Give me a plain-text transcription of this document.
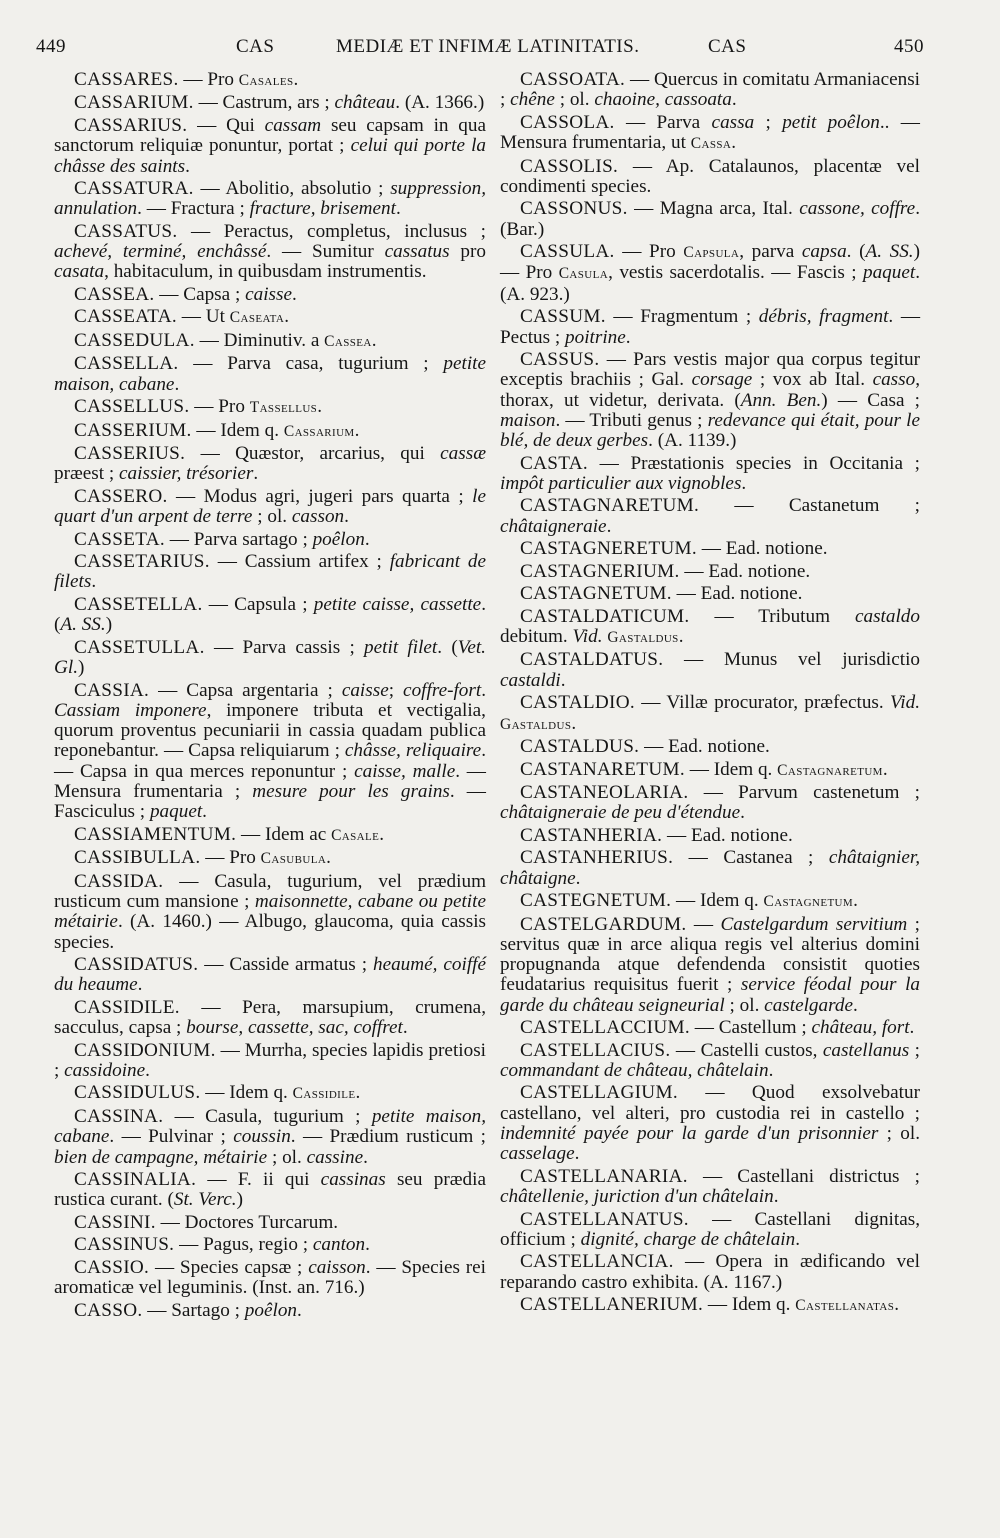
449	CAS	MEDIÆ ET INFIMÆ LATINITATIS.	CAS	450

CASSARES. — Pro Casales.

CASSARIUM. — Castrum, ars ; château. (A. 1366.)

CASSARIUS. — Qui cassam seu capsam in qua sanctorum reliquiæ ponuntur, portat ; celui qui porte la châsse des saints.

CASSATURA. — Abolitio, absolutio ; suppression, annulation. — Fractura ; fracture, brisement.

CASSATUS. — Peractus, completus, inclusus ; achevé, terminé, enchâssé. — Sumitur cassatus pro casata, habitaculum, in quibusdam instrumentis.

CASSEA. — Capsa ; caisse.

CASSEATA. — Ut Caseata.

CASSEDULA. — Diminutiv. a Cassea.

CASSELLA. — Parva casa, tugurium ; petite maison, cabane.

CASSELLUS. — Pro Tassellus.

CASSERIUM. — Idem q. Cassarium.

CASSERIUS. — Quæstor, arcarius, qui cassæ præest ; caissier, trésorier.

CASSERO. — Modus agri, jugeri pars quarta ; le quart d'un arpent de terre ; ol. casson.

CASSETA. — Parva sartago ; poêlon.

CASSETARIUS. — Cassium artifex ; fabricant de filets.

CASSETELLA. — Capsula ; petite caisse, cassette. (A. SS.)

CASSETULLA. — Parva cassis ; petit filet. (Vet. Gl.)

CASSIA. — Capsa argentaria ; caisse; coffre-fort. Cassiam imponere, imponere tributa et vectigalia, quorum proventus pecuniarii in cassia quadam publica reponebantur. — Capsa reliquiarum ; châsse, reliquaire. — Capsa in qua merces reponuntur ; caisse, malle. — Mensura frumentaria ; mesure pour les grains. — Fasciculus ; paquet.

CASSIAMENTUM. — Idem ac Casale.

CASSIBULLA. — Pro Casubula.

CASSIDA. — Casula, tugurium, vel prædium rusticum cum mansione ; maisonnette, cabane ou petite métairie. (A. 1460.) — Albugo, glaucoma, quia cassis species.

CASSIDATUS. — Casside armatus ; heaumé, coiffé du heaume.

CASSIDILE. — Pera, marsupium, crumena, sacculus, capsa ; bourse, cassette, sac, coffret.

CASSIDONIUM. — Murrha, species lapidis pretiosi ; cassidoine.

CASSIDULUS. — Idem q. Cassidile.

CASSINA. — Casula, tugurium ; petite maison, cabane. — Pulvinar ; coussin. — Prædium rusticum ; bien de campagne, métairie ; ol. cassine.

CASSINALIA. — F. ii qui cassinas seu prædia rustica curant. (St. Verc.)

CASSINI. — Doctores Turcarum.

CASSINUS. — Pagus, regio ; canton.

CASSIO. — Species capsæ ; caisson. — Species rei aromaticæ vel leguminis. (Inst. an. 716.)

CASSO. — Sartago ; poêlon.

CASSOATA. — Quercus in comitatu Armaniacensi ; chêne ; ol. chaoine, cassoata.

CASSOLA. — Parva cassa ; petit poêlon.. — Mensura frumentaria, ut Cassa.

CASSOLIS. — Ap. Catalaunos, placentæ vel condimenti species.

CASSONUS. — Magna arca, Ital. cassone, coffre. (Bar.)

CASSULA. — Pro Capsula, parva capsa. (A. SS.) — Pro Casula, vestis sacerdotalis. — Fascis ; paquet. (A. 923.)

CASSUM. — Fragmentum ; débris, fragment. — Pectus ; poitrine.

CASSUS. — Pars vestis major qua corpus tegitur exceptis brachiis ; Gal. corsage ; vox ab Ital. casso, thorax, ut videtur, derivata. (Ann. Ben.) — Casa ; maison. — Tributi genus ; redevance qui était, pour le blé, de deux gerbes. (A. 1139.)

CASTA. — Præstationis species in Occitania ; impôt particulier aux vignobles.

CASTAGNARETUM. — Castanetum ; châtaigneraie.

CASTAGNERETUM. — Ead. notione.

CASTAGNERIUM. — Ead. notione.

CASTAGNETUM. — Ead. notione.

CASTALDATICUM. — Tributum castaldo debitum. Vid. Gastaldus.

CASTALDATUS. — Munus vel jurisdictio castaldi.

CASTALDIO. — Villæ procurator, præfectus. Vid. Gastaldus.

CASTALDUS. — Ead. notione.

CASTANARETUM. — Idem q. Castagnaretum.

CASTANEOLARIA. — Parvum castenetum ; châtaigneraie de peu d'étendue.

CASTANHERIA. — Ead. notione.

CASTANHERIUS. — Castanea ; châtaignier, châtaigne.

CASTEGNETUM. — Idem q. Castagnetum.

CASTELGARDUM. — Castelgardum servitium ; servitus quæ in arce aliqua regis vel alterius domini propugnanda atque defendenda consistit quoties feudatarius requisitus fuerit ; service féodal pour la garde du château seigneurial ; ol. castelgarde.

CASTELLACCIUM. — Castellum ; château, fort.

CASTELLACIUS. — Castelli custos, castellanus ; commandant de château, châtelain.

CASTELLAGIUM. — Quod exsolvebatur castellano, vel alteri, pro custodia rei in castello ; indemnité payée pour la garde d'un prisonnier ; ol. casselage.

CASTELLANARIA. — Castellani districtus ; châtellenie, juriction d'un châtelain.

CASTELLANATUS. — Castellani dignitas, officium ; dignité, charge de châtelain.

CASTELLANCIA. — Opera in ædificando vel reparando castro exhibita. (A. 1167.)

CASTELLANERIUM. — Idem q. Castellanatas.
